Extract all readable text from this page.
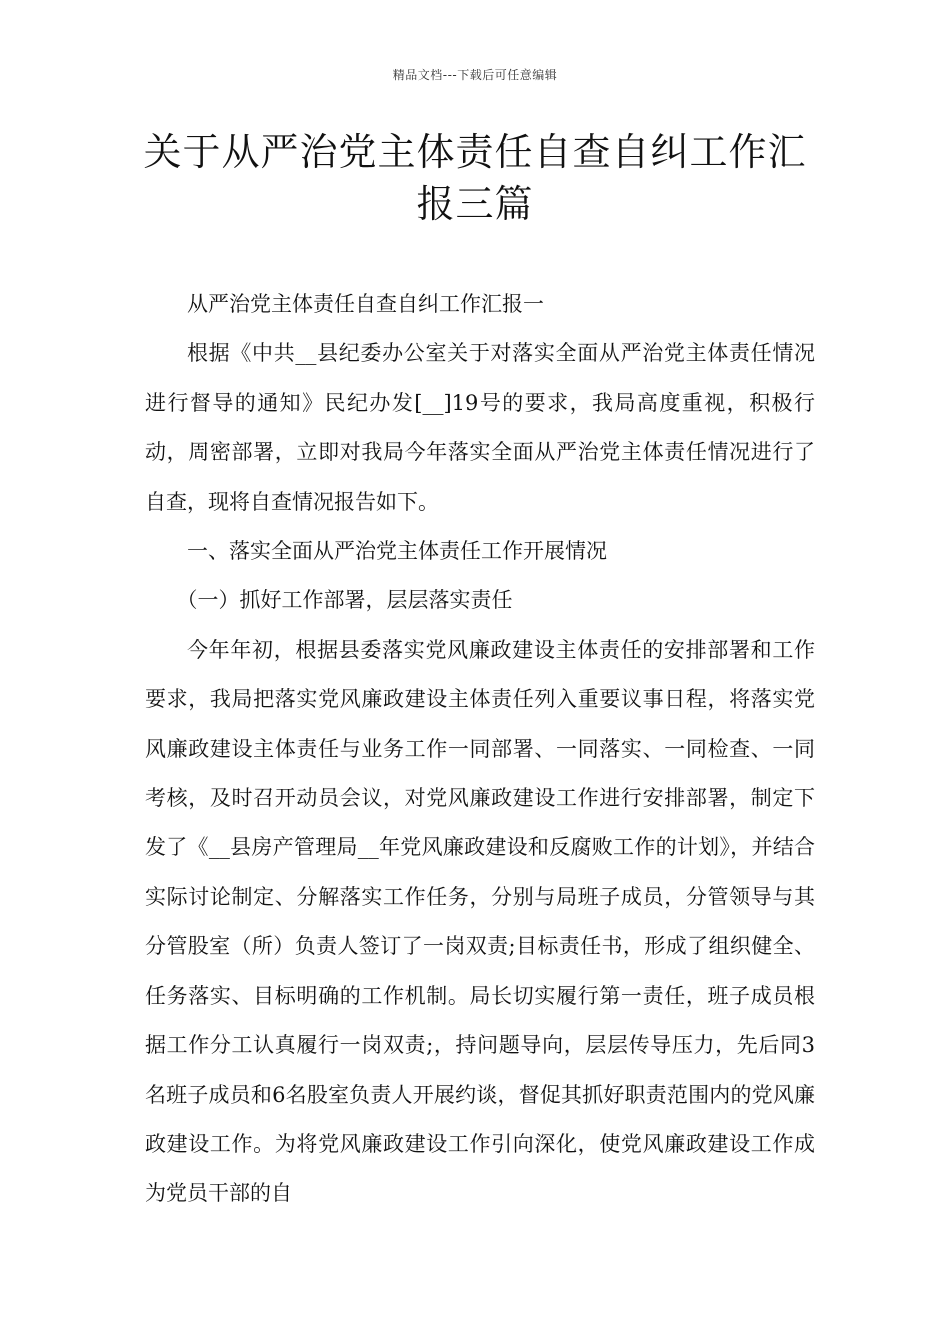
精品文档---下载后可任意编辑
关于从严治党主体责任自查自纠工作汇报三篇

从严治党主体责任自查自纠工作汇报一

根据《中共__县纪委办公室关于对落实全面从严治党主体责任情况进行督导的通知》民纪办发[__]19号的要求，我局高度重视，积极行动，周密部署，立即对我局今年落实全面从严治党主体责任情况进行了自查，现将自查情况报告如下。

一、落实全面从严治党主体责任工作开展情况

（一）抓好工作部署，层层落实责任

今年年初，根据县委落实党风廉政建设主体责任的安排部署和工作要求，我局把落实党风廉政建设主体责任列入重要议事日程，将落实党风廉政建设主体责任与业务工作一同部署、一同落实、一同检查、一同考核，及时召开动员会议，对党风廉政建设工作进行安排部署，制定下发了《__县房产管理局__年党风廉政建设和反腐败工作的计划》，并结合实际讨论制定、分解落实工作任务，分别与局班子成员，分管领导与其分管股室（所）负责人签订了一岗双责;目标责任书，形成了组织健全、任务落实、目标明确的工作机制。局长切实履行第一责任，班子成员根据工作分工认真履行一岗双责;，持问题导向，层层传导压力，先后同3名班子成员和6名股室负责人开展约谈，督促其抓好职责范围内的党风廉政建设工作。为将党风廉政建设工作引向深化，使党风廉政建设工作成为党员干部的自
